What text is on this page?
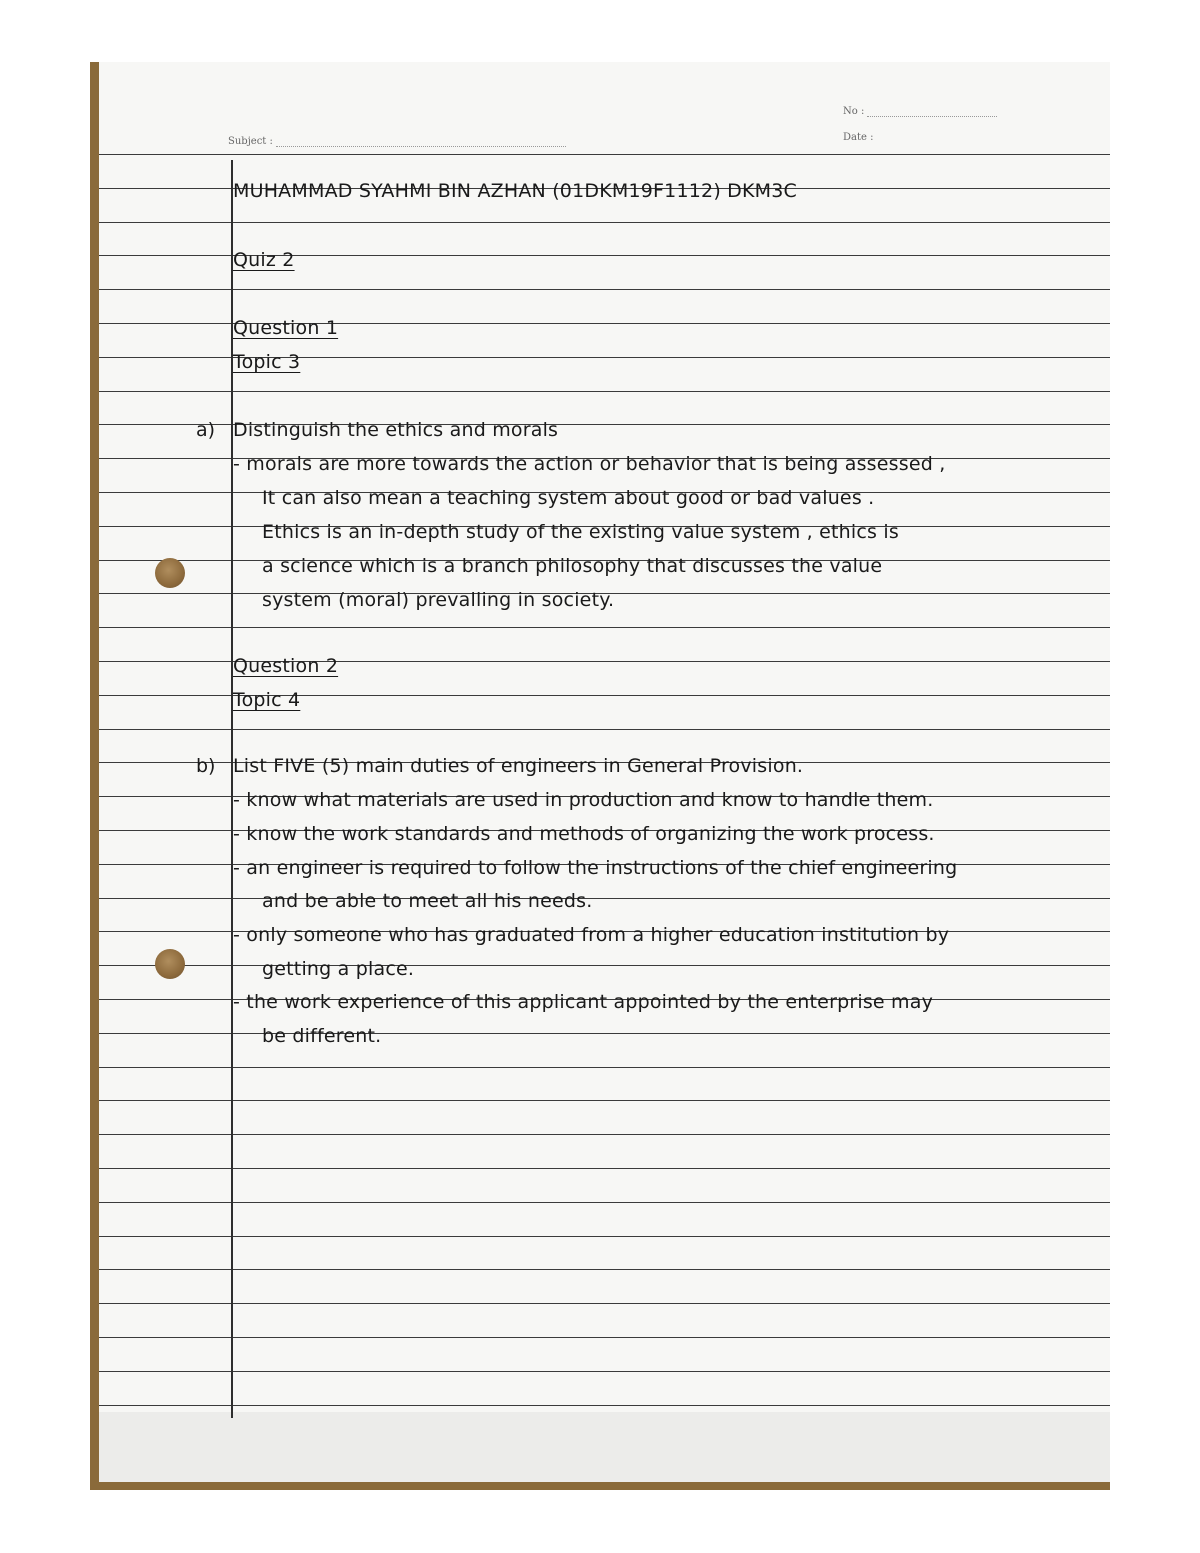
Subject :
No :
Date :
MUHAMMAD SYAHMI BIN AZHAN (01DKM19F1112) DKM3C
Quiz 2
Question 1
Topic 3
a) Distinguish the ethics and morals
- morals are more towards the action or behavior that is being assessed ,
It can also mean a teaching system about good or bad values .
Ethics is an in-depth study of the existing value system , ethics is
a science which is a branch philosophy that discusses the value
system (moral) prevalling in society.
Question 2
Topic 4
b) List FIVE (5) main duties of engineers in General Provision.
- know what materials are used in production and know to handle them.
- know the work standards and methods of organizing the work process.
- an engineer is required to follow the instructions of the chief engineering
and be able to meet all his needs.
- only someone who has graduated from a higher education institution by
getting a place.
- the work experience of this applicant appointed by the enterprise may
be different.
